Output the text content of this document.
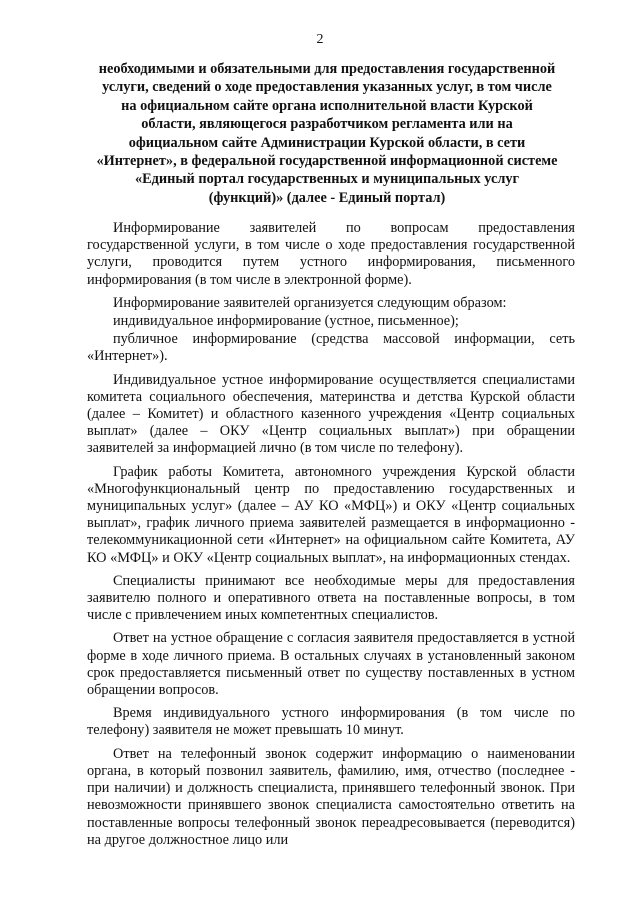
2

необходимыми и обязательными для предоставления государственной

услуги, сведений о ходе предоставления указанных услуг, в том числе

на официальном сайте органа исполнительной власти Курской

области, являющегося разработчиком регламента или на

официальном сайте Администрации Курской области, в сети

«Интернет», в федеральной государственной информационной системе

«Единый портал государственных и муниципальных услуг

(функций)» (далее - Единый портал)

Информирование заявителей по вопросам предоставления государственной услуги, в том числе о ходе предоставления государственной услуги, проводится путем устного информирования, письменного информирования (в том числе в электронной форме).

Информирование заявителей организуется следующим образом:

индивидуальное информирование (устное, письменное);

публичное информирование (средства массовой информации, сеть «Интернет»).

Индивидуальное устное информирование осуществляется специалистами комитета социального обеспечения, материнства и детства Курской области (далее – Комитет) и областного казенного учреждения «Центр социальных выплат» (далее – ОКУ «Центр социальных выплат») при обращении заявителей за информацией лично (в том числе по телефону).

График работы Комитета, автономного учреждения Курской области «Многофункциональный центр по предоставлению государственных и муниципальных услуг» (далее – АУ КО «МФЦ») и ОКУ «Центр социальных выплат», график личного приема заявителей размещается в информационно - телекоммуникационной сети «Интернет» на официальном сайте Комитета, АУ КО «МФЦ» и ОКУ «Центр социальных выплат», на информационных стендах.

Специалисты принимают все необходимые меры для предоставления заявителю полного и оперативного ответа на поставленные вопросы, в том числе с привлечением иных компетентных специалистов.

Ответ на устное обращение с согласия заявителя предоставляется в устной форме в ходе личного приема. В остальных случаях в установленный законом срок предоставляется письменный ответ по существу поставленных в устном обращении вопросов.

Время индивидуального устного информирования (в том числе по телефону) заявителя не может превышать 10 минут.

Ответ на телефонный звонок содержит информацию о наименовании органа, в который позвонил заявитель, фамилию, имя, отчество (последнее - при наличии) и должность специалиста, принявшего телефонный звонок. При невозможности принявшего звонок специалиста самостоятельно ответить на поставленные вопросы телефонный звонок переадресовывается (переводится) на другое должностное лицо или
